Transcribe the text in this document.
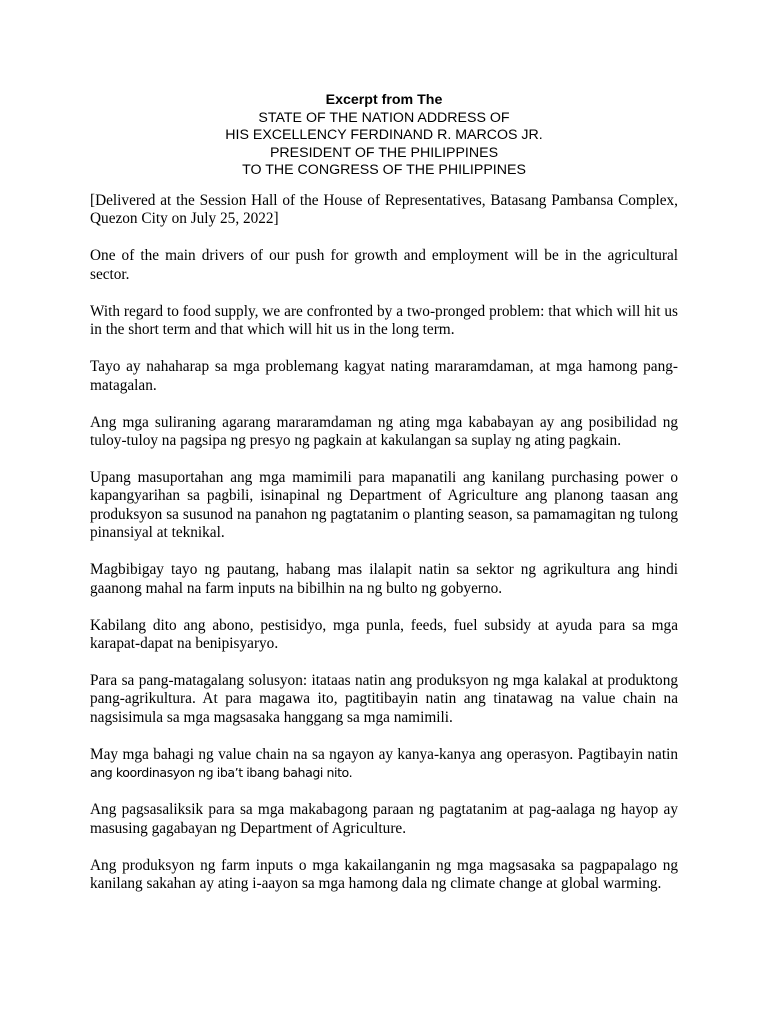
Excerpt from The
STATE OF THE NATION ADDRESS OF
HIS EXCELLENCY FERDINAND R. MARCOS JR.
PRESIDENT OF THE PHILIPPINES
TO THE CONGRESS OF THE PHILIPPINES

[Delivered at the Session Hall of the House of Representatives, Batasang Pambansa Complex, Quezon City on July 25, 2022]

One of the main drivers of our push for growth and employment will be in the agricultural sector.

With regard to food supply, we are confronted by a two-pronged problem: that which will hit us in the short term and that which will hit us in the long term.

Tayo ay nahaharap sa mga problemang kagyat nating mararamdaman, at mga hamong pang-matagalan.

Ang mga suliraning agarang mararamdaman ng ating mga kababayan ay ang posibilidad ng tuloy-tuloy na pagsipa ng presyo ng pagkain at kakulangan sa suplay ng ating pagkain.

Upang masuportahan ang mga mamimili para mapanatili ang kanilang purchasing power o kapangyarihan sa pagbili, isinapinal ng Department of Agriculture ang planong taasan ang produksyon sa susunod na panahon ng pagtatanim o planting season, sa pamamagitan ng tulong pinansiyal at teknikal.

Magbibigay tayo ng pautang, habang mas ilalapit natin sa sektor ng agrikultura ang hindi gaanong mahal na farm inputs na bibilhin na ng bulto ng gobyerno.

Kabilang dito ang abono, pestisidyo, mga punla, feeds, fuel subsidy at ayuda para sa mga karapat-dapat na benipisyaryo.

Para sa pang-matagalang solusyon: itataas natin ang produksyon ng mga kalakal at produktong pang-agrikultura. At para magawa ito, pagtitibayin natin ang tinatawag na value chain na nagsisimula sa mga magsasaka hanggang sa mga namimili.

May mga bahagi ng value chain na sa ngayon ay kanya-kanya ang operasyon. Pagtibayin natin ang koordinasyon ng iba’t ibang bahagi nito.

Ang pagsasaliksik para sa mga makabagong paraan ng pagtatanim at pag-aalaga ng hayop ay masusing gagabayan ng Department of Agriculture.

Ang produksyon ng farm inputs o mga kakailanganin ng mga magsasaka sa pagpapalago ng kanilang sakahan ay ating i-aayon sa mga hamong dala ng climate change at global warming.
